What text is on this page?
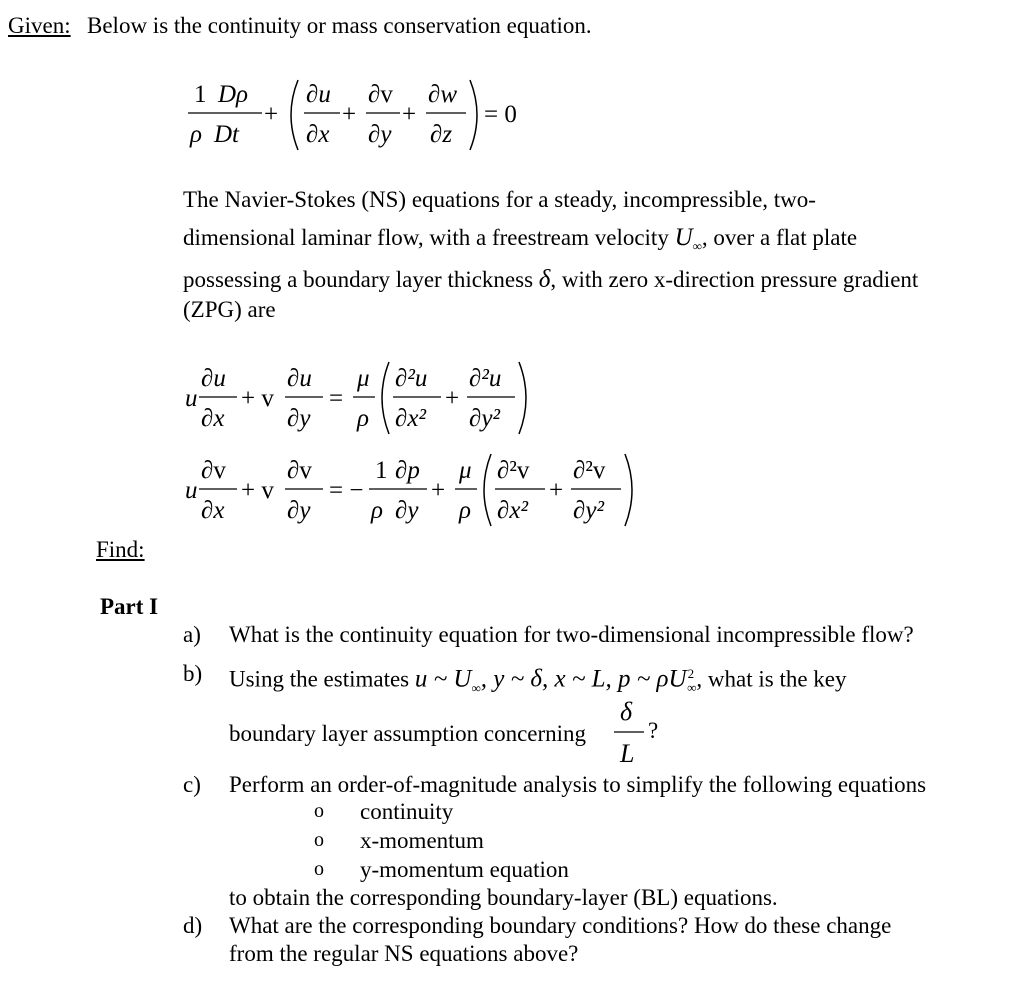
Given: Below is the continuity or mass conservation equation.
1 Dρ
ρ Dt
+
∂u
∂x
+
∂v
∂y
+
∂w
∂z
= 0
The Navier-Stokes (NS) equations for a steady, incompressible, two-
dimensional laminar flow, with a freestream velocity $U_\infty$, over a flat plate
possessing a boundary layer thickness δ, with zero x-direction pressure gradient
(ZPG) are
u
∂u
∂x
+ v
∂u
∂y
=
μ
ρ
∂²u
∂x²
+
∂²u
∂y²
u
∂v
∂x
+ v
∂v
∂y
= −
1 ∂p
ρ ∂y
+
μ
ρ
∂²v
∂x²
+
∂²v
∂y²
Find:
Part I
a) What is the continuity equation for two-dimensional incompressible flow?
b) Using the estimates u ~ $U_\infty$, y ~ δ, x ~ L, p ~ $\rho U^2_\infty$, what is the key
boundary layer assumption concerning
δ
L
?
c) Perform an order-of-magnitude analysis to simplify the following equations
o continuity
o x-momentum
o y-momentum equation
to obtain the corresponding boundary-layer (BL) equations.
d) What are the corresponding boundary conditions? How do these change
from the regular NS equations above?
